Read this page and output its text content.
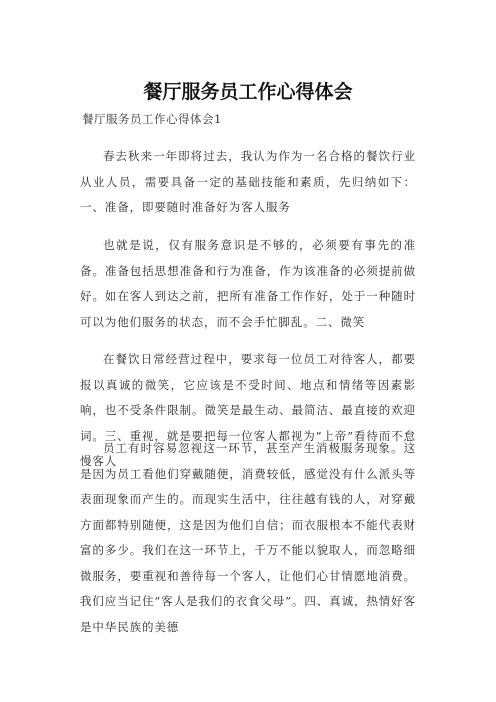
餐厅服务员工作心得体会

餐厅服务员工作心得体会1

春去秋来一年即将过去，我认为作为一名合格的餐饮行业从业人员，需要具备一定的基础技能和素质，先归纳如下：一、准备，即要随时准备好为客人服务

也就是说，仅有服务意识是不够的，必须要有事先的准备。准备包括思想准备和行为准备，作为该准备的必须提前做好。如在客人到达之前，把所有准备工作作好，处于一种随时可以为他们服务的状态，而不会手忙脚乱。二、微笑

在餐饮日常经营过程中，要求每一位员工对待客人，都要报以真诚的微笑，它应该是不受时间、地点和情绪等因素影响，也不受条件限制。微笑是最生动、最简洁、最直接的欢迎词。三、重视，就是要把每一位客人都视为“上帝”看待而不怠慢客人

员工有时容易忽视这一环节，甚至产生消极服务现象。这是因为员工看他们穿戴随便，消费较低，感觉没有什么派头等表面现象而产生的。而现实生活中，往往越有钱的人，对穿戴方面都特别随便，这是因为他们自信；而衣服根本不能代表财富的多少。我们在这一环节上，千万不能以貌取人，而忽略细微服务，要重视和善待每一个客人，让他们心甘情愿地消费。我们应当记住“客人是我们的衣食父母”。四、真诚，热情好客是中华民族的美德
